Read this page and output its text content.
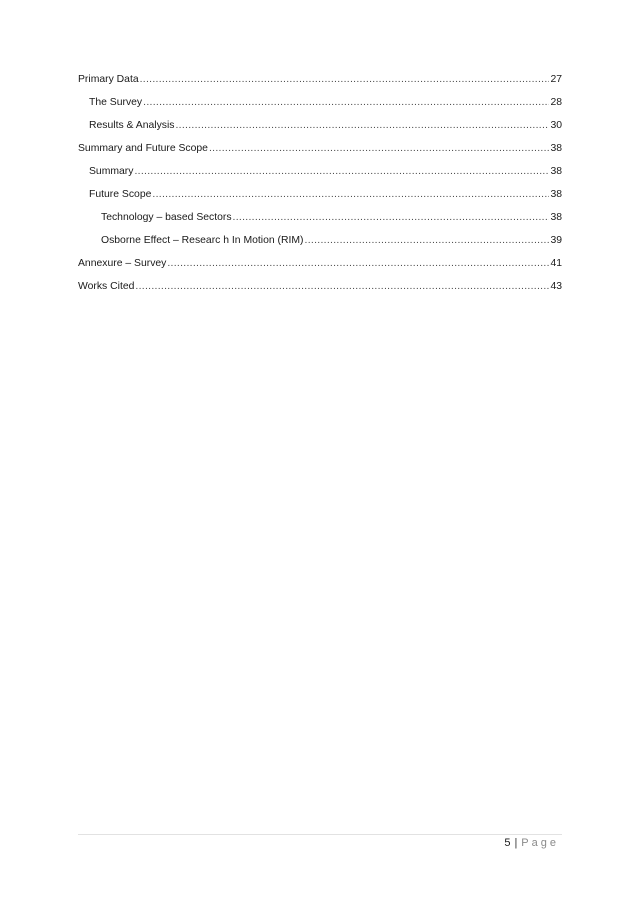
Primary Data .....	27
The Survey .....	28
Results & Analysis .....	30
Summary and Future Scope .....	38
Summary .....	38
Future Scope .....	38
Technology – based Sectors .....	38
Osborne Effect – Researc h In Motion (RIM) .....	39
Annexure – Survey .....	41
Works Cited .....	43
5 | Page
